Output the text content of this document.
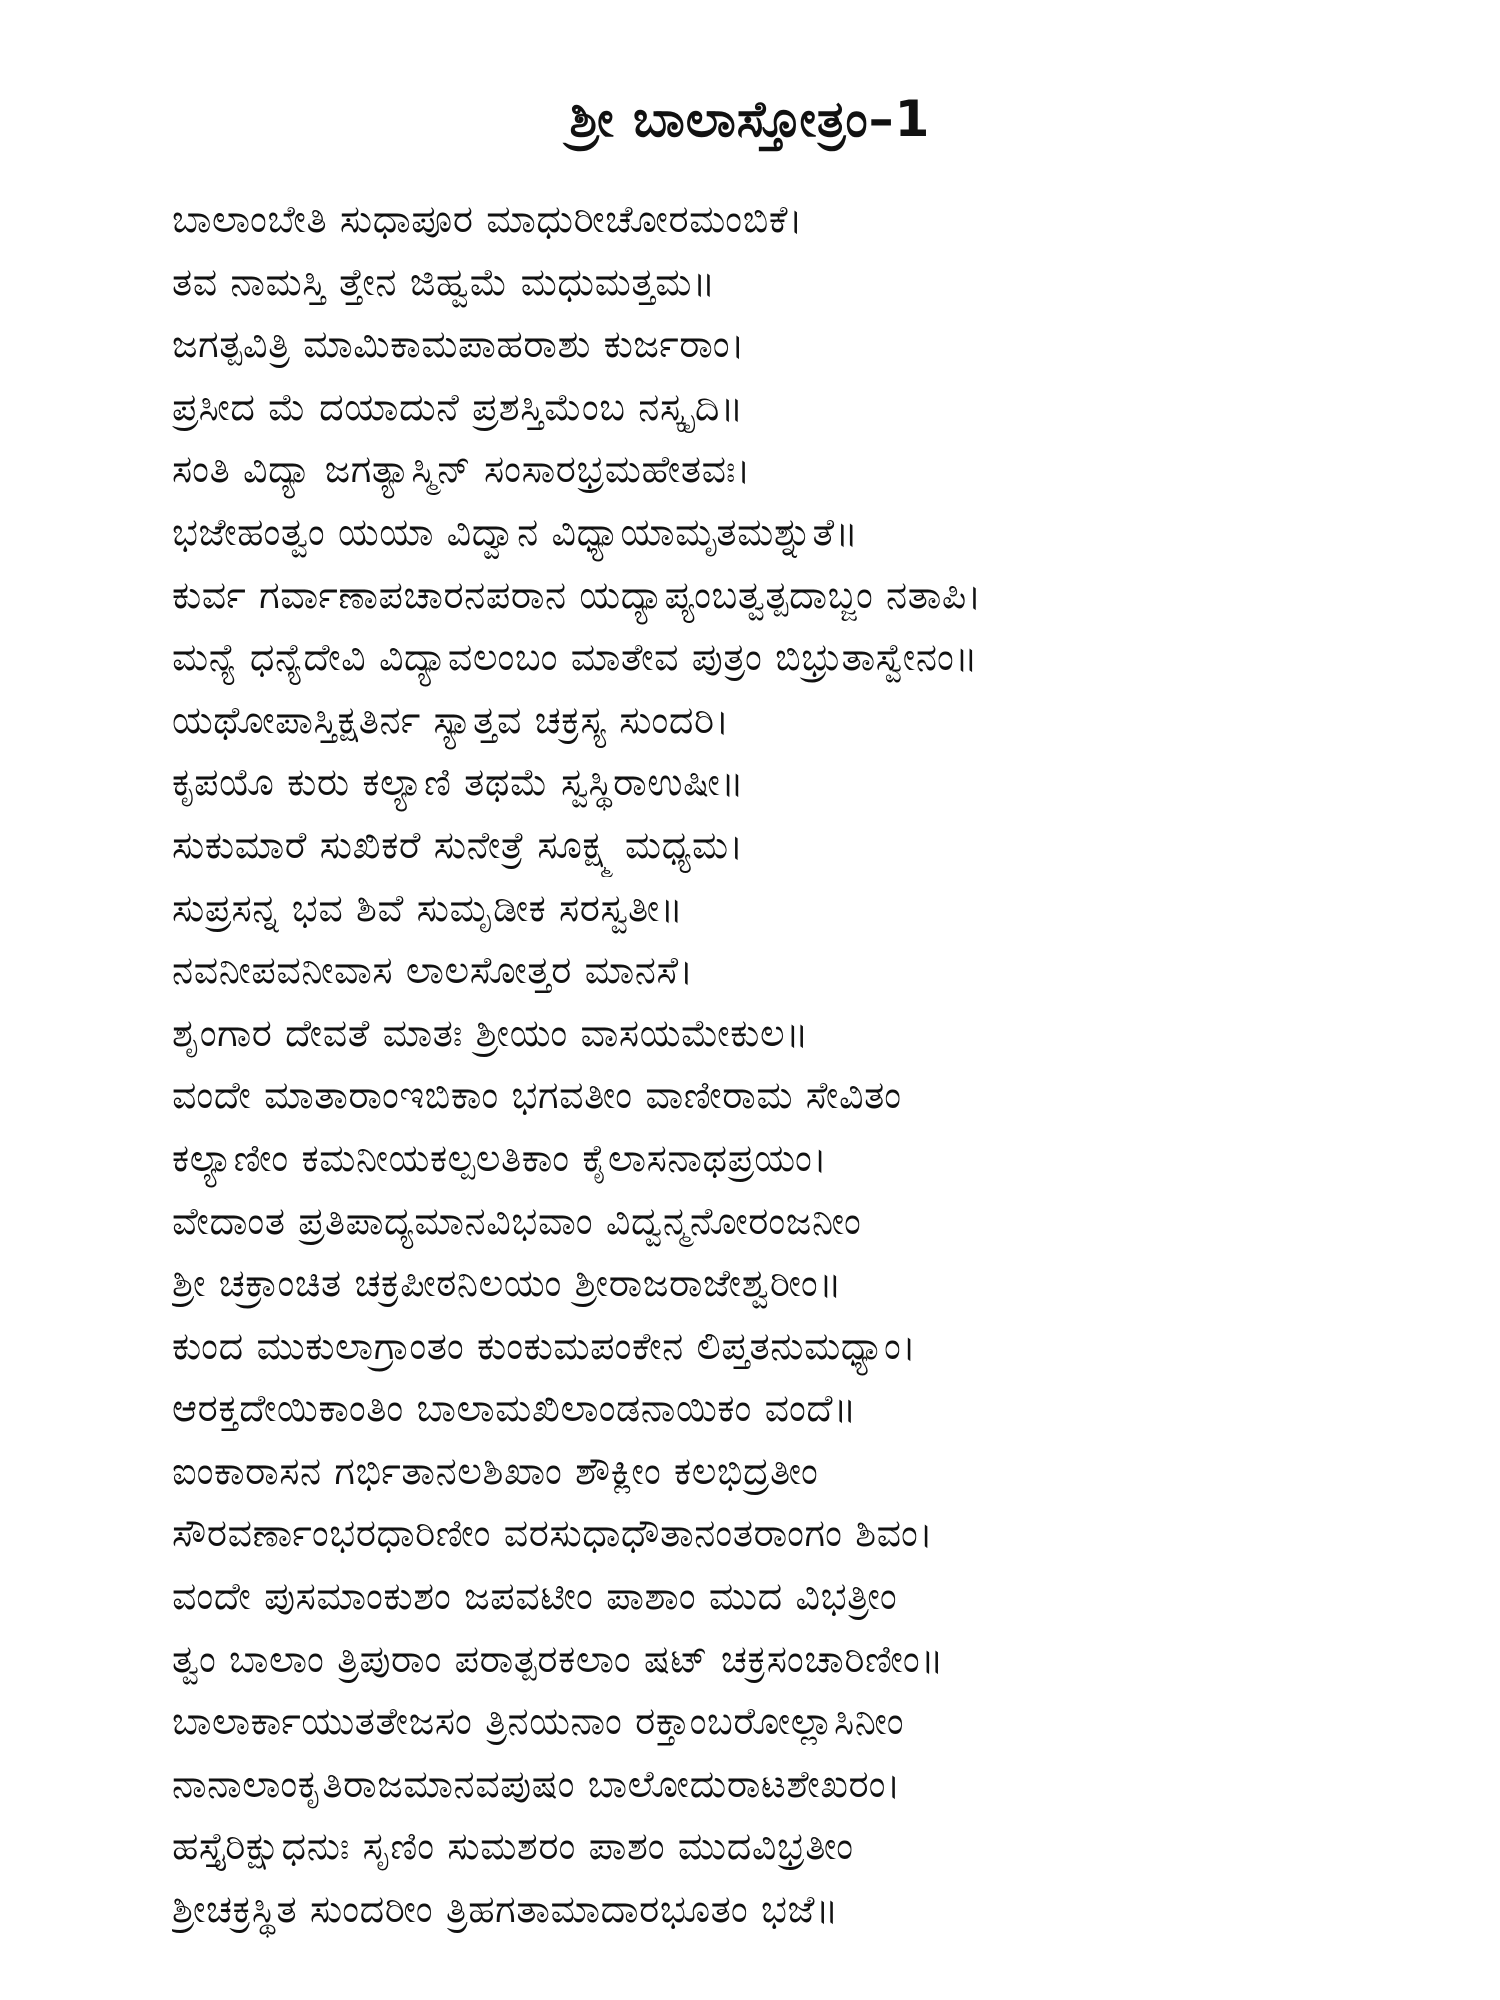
ಶ್ರೀ ಬಾಲಾಸ್ತೋತ್ರಂ–1
ಬಾಲಾಂಬೇತಿ ಸುಧಾಪೂರ ಮಾಧುರೀಚೋರಮಂಬಿಕೆ।
ತವ ನಾಮಸ್ತಿ ತ್ತೇನ ಜಿಹ್ವಮೆ ಮಧುಮತ್ತಮ॥
ಜಗತ್ಪವಿತ್ರಿ ಮಾಮಿಕಾಮಪಾಹರಾಶು ಕುರ್ಜರಾಂ।
ಪ್ರಸೀದ ಮೆ ದಯಾದುನೆ ಪ್ರಶಸ್ತಿಮೆಂಬ ನಸ್ಕೃದಿ॥
ಸಂತಿ ವಿದ್ಯಾ ಜಗತ್ಯಾಸ್ಮಿನ್ ಸಂಸಾರಭ್ರಮಹೇತವಃ।
ಭಜೇಹಂತ್ವಂ ಯಯಾ ವಿದ್ವಾನ ವಿಧ್ಯಾಯಾಮೃತಮಶ್ನುತೆ॥
ಕುರ್ವ ಗರ್ವಾಣಾಪಚಾರನಪರಾನ ಯದ್ಯಾಪ್ಯಂಬತ್ವತ್ಪದಾಬ್ಜಂ ನತಾಪಿ।
ಮನ್ಯೆ ಧನ್ಯೆದೇವಿ ವಿದ್ಯಾವಲಂಬಂ ಮಾತೇವ ಪುತ್ರಂ ಬಿಭ್ರುತಾಸ್ವೇನಂ॥
ಯಥೋಪಾಸ್ತಿಕ್ಷತಿರ್ನ ಸ್ಯಾತ್ತವ ಚಕ್ರಸ್ಯ ಸುಂದರಿ।
ಕೃಪಯೊ ಕುರು ಕಲ್ಯಾಣಿ ತಥಮೆ ಸ್ವಸ್ಥಿರಾಉಷೀ॥
ಸುಕುಮಾರೆ ಸುಖಿಕರೆ ಸುನೇತ್ರೆ ಸೂಕ್ಷ್ಮ ಮಧ್ಯಮ।
ಸುಪ್ರಸನ್ನ ಭವ ಶಿವೆ ಸುಮೃಡೀಕ ಸರಸ್ವತೀ॥
ನವನೀಪವನೀವಾಸ ಲಾಲಸೋತ್ತರ ಮಾನಸೆ।
ಶೃಂಗಾರ ದೇವತೆ ಮಾತಃ ಶ್ರೀಯಂ ವಾಸಯಮೇಕುಲ॥
ವಂದೇ ಮಾತಾರಾಂಇಬಿಕಾಂ ಭಗವತೀಂ ವಾಣೀರಾಮ ಸೇವಿತಂ
ಕಲ್ಯಾಣೀಂ ಕಮನೀಯಕಲ್ಪಲತಿಕಾಂ ಕೈಲಾಸನಾಥಪ್ರಯಂ।
ವೇದಾಂತ ಪ್ರತಿಪಾದ್ಯಮಾನವಿಭವಾಂ ವಿದ್ವನ್ಮನೋರಂಜನೀಂ
ಶ್ರೀ ಚಕ್ರಾಂಚಿತ ಚಕ್ರಪೀಠನಿಲಯಂ ಶ್ರೀರಾಜರಾಜೇಶ್ವರೀಂ॥
ಕುಂದ ಮುಕುಲಾಗ್ರಾಂತಂ ಕುಂಕುಮಪಂಕೇನ ಲಿಪ್ತತನುಮಧ್ಯಾಂ।
ಆರಕ್ತದೇಯಿಕಾಂತಿಂ ಬಾಲಾಮಖಿಲಾಂಡನಾಯಿಕಂ ವಂದೆ॥
ಐಂಕಾರಾಸನ ಗರ್ಭಿತಾನಲಶಿಖಾಂ ಶೌಕ್ಲೀಂ ಕಲಭಿದ್ರತೀಂ
ಸೌರವರ್ಣಾಂಭರಧಾರಿಣೀಂ ವರಸುಧಾಧೌತಾನಂತರಾಂಗಂ ಶಿವಂ।
ವಂದೇ ಪುಸಮಾಂಕುಶಂ ಜಪವಟೀಂ ಪಾಶಾಂ ಮುದ ವಿಭತ್ರೀಂ
ತ್ವಂ ಬಾಲಾಂ ತ್ರಿಪುರಾಂ ಪರಾತ್ಪರಕಲಾಂ ಷಟ್ ಚಕ್ರಸಂಚಾರಿಣೀಂ॥
ಬಾಲಾರ್ಕಾಯುತತೇಜಸಂ ತ್ರಿನಯನಾಂ ರಕ್ತಾಂಬರೋಲ್ಲಾಸಿನೀಂ
ನಾನಾಲಾಂಕೃತಿರಾಜಮಾನವಪುಷಂ ಬಾಲೋದುರಾಟಶೇಖರಂ।
ಹಸ್ತೈರಿಕ್ಷುಧನುಃ ಸೃಣಿಂ ಸುಮಶರಂ ಪಾಶಂ ಮುದವಿಭ್ರತೀಂ
ಶ್ರೀಚಕ್ರಸ್ಥಿತ ಸುಂದರೀಂ ತ್ರಿಹಗತಾಮಾದಾರಭೂತಂ ಭಜೆ॥
